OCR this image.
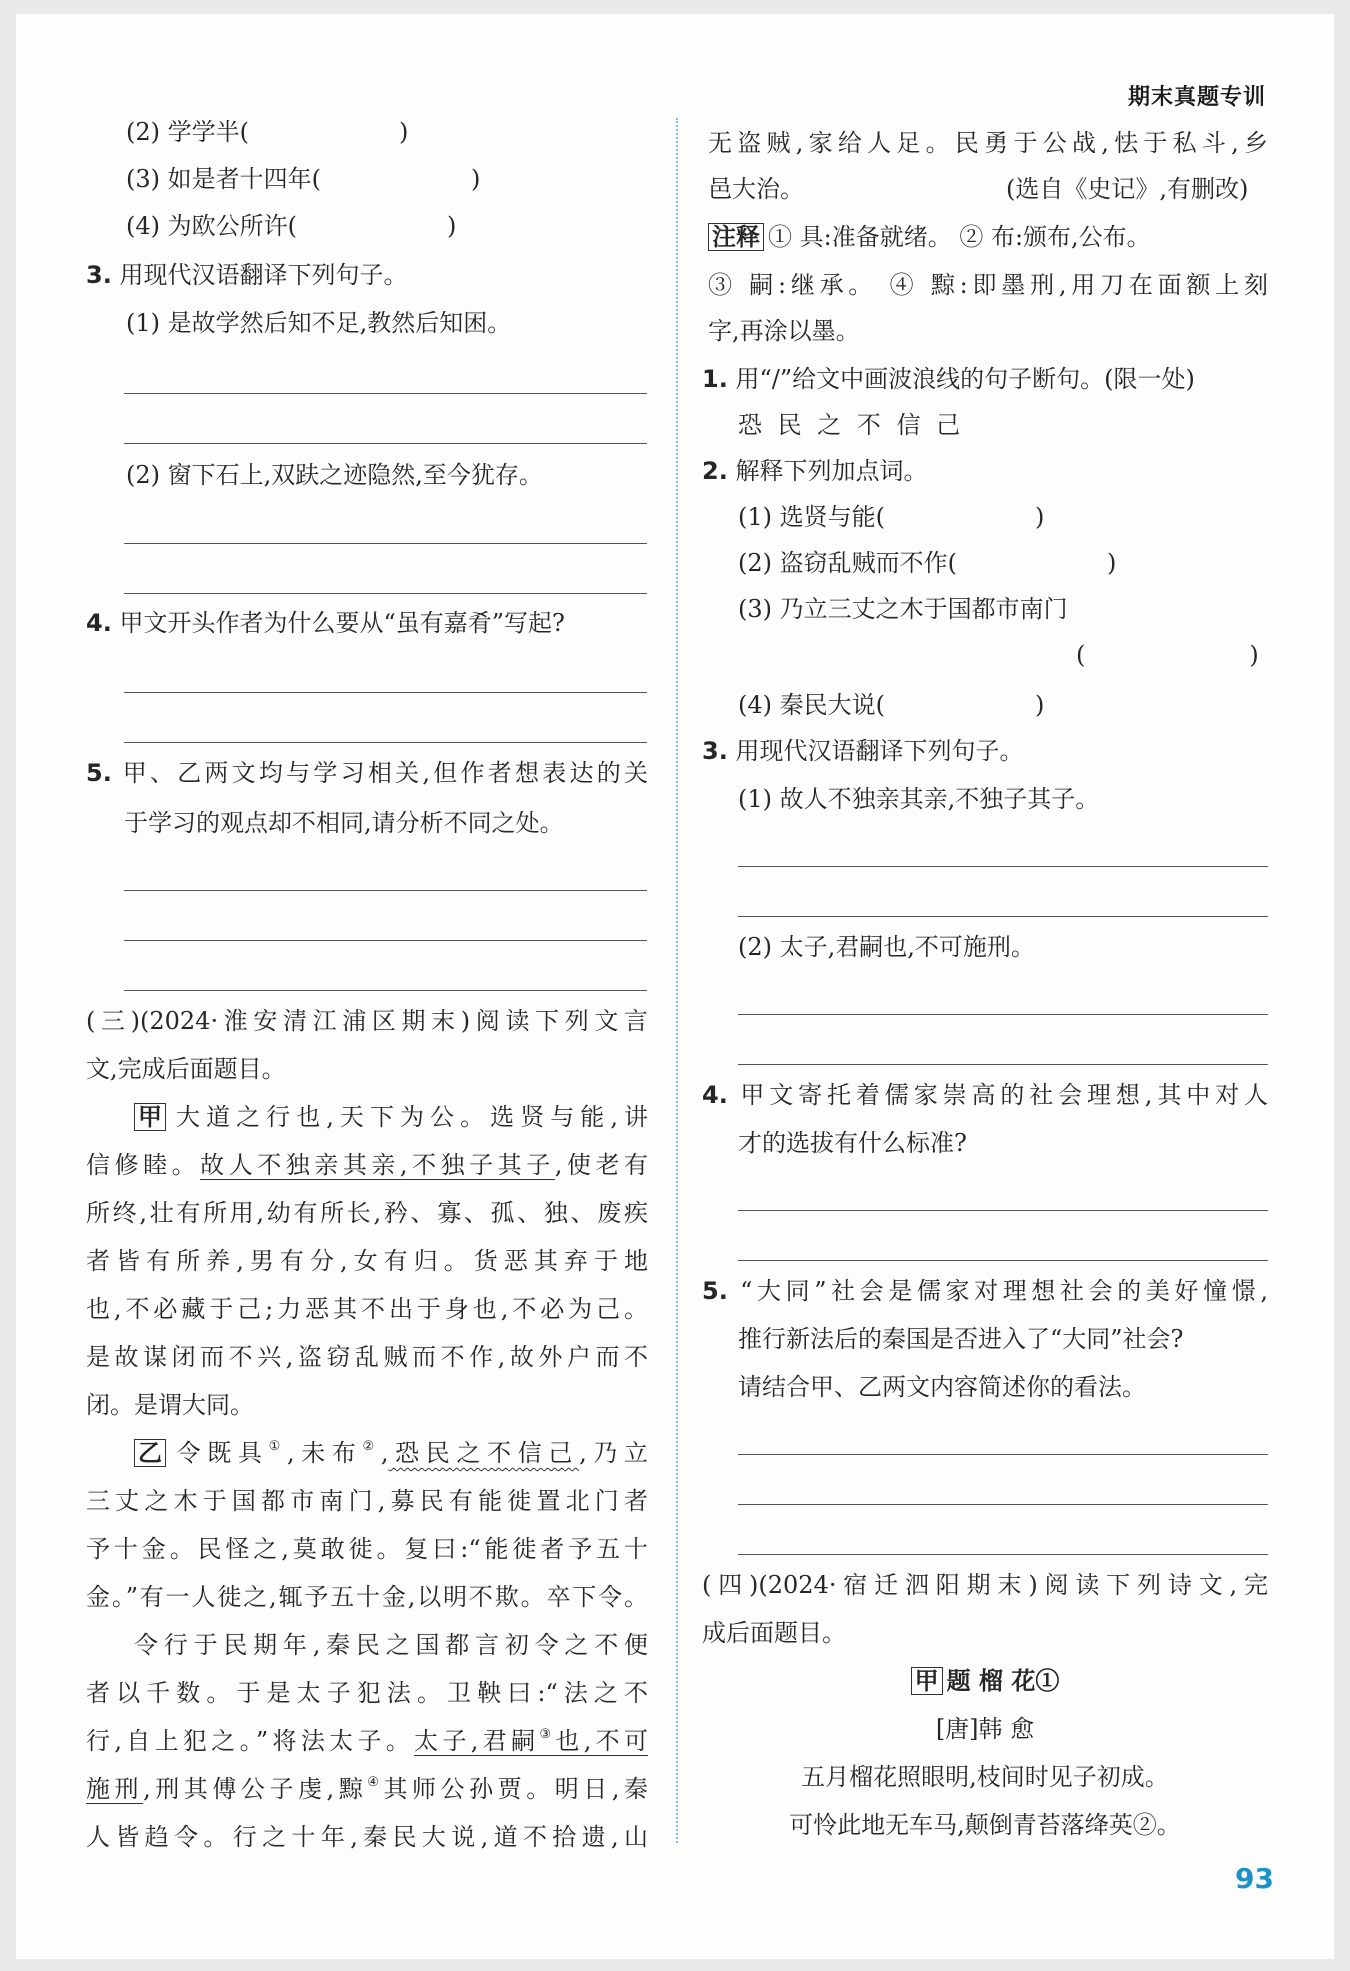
期末真题专训
93
(2) 学学半(	)
(3) 如是者十四年(	)
(4) 为欧公所许(	)
3. 用现代汉语翻译下列句子。
(1) 是故学然后知不足,教然后知困。
(2) 窗下石上,双趺之迹隐然,至今犹存。
4. 甲文开头作者为什么要从“虽有嘉肴”写起?
5. 甲、乙两文均与学习相关,但作者想表达的关
于学习的观点却不相同,请分析不同之处。
(三)(2024·淮安清江浦区期末)阅读下列文言
文,完成后面题目。
甲 大道之行也,天下为公。选贤与能,讲
信修睦。故人不独亲其亲,不独子其子,使老有
所终,壮有所用,幼有所长,矜、寡、孤、独、废疾
者皆有所养,男有分,女有归。货恶其弃于地
也,不必藏于己;力恶其不出于身也,不必为己。
是故谋闭而不兴,盗窃乱贼而不作,故外户而不
闭。是谓大同。
乙 令既具①,未布②,恐民之不信己,乃立
三丈之木于国都市南门,募民有能徙置北门者
予十金。民怪之,莫敢徙。复曰:“能徙者予五十
金。”有一人徙之,辄予五十金,以明不欺。卒下令。
令行于民期年,秦民之国都言初令之不便
者以千数。于是太子犯法。卫鞅曰:“法之不
行,自上犯之。”将法太子。太子,君嗣③也,不可
施刑,刑其傅公子虔,黥④其师公孙贾。明日,秦
人皆趋令。行之十年,秦民大说,道不拾遗,山
无盗贼,家给人足。民勇于公战,怯于私斗,乡
邑大治。	(选自《史记》,有删改)
注释 ① 具:准备就绪。 ② 布:颁布,公布。
③ 嗣:继承。 ④ 黥:即墨刑,用刀在面额上刻
字,再涂以墨。
1. 用“/”给文中画波浪线的句子断句。(限一处)
恐 民 之 不 信 己
2. 解释下列加点词。
(1) 选贤与能(	)
(2) 盗窃乱贼而不作(	)
(3) 乃立三丈之木于国都市南门
(	)
(4) 秦民大说(	)
3. 用现代汉语翻译下列句子。
(1) 故人不独亲其亲,不独子其子。
(2) 太子,君嗣也,不可施刑。
4. 甲文寄托着儒家崇高的社会理想,其中对人
才的选拔有什么标准?
5. “大同”社会是儒家对理想社会的美好憧憬,
推行新法后的秦国是否进入了“大同”社会?
请结合甲、乙两文内容简述你的看法。
(四)(2024·宿迁泗阳期末)阅读下列诗文,完
成后面题目。
甲 题 榴 花①
[唐]韩 愈
五月榴花照眼明,枝间时见子初成。
可怜此地无车马,颠倒青苔落绛英②。
